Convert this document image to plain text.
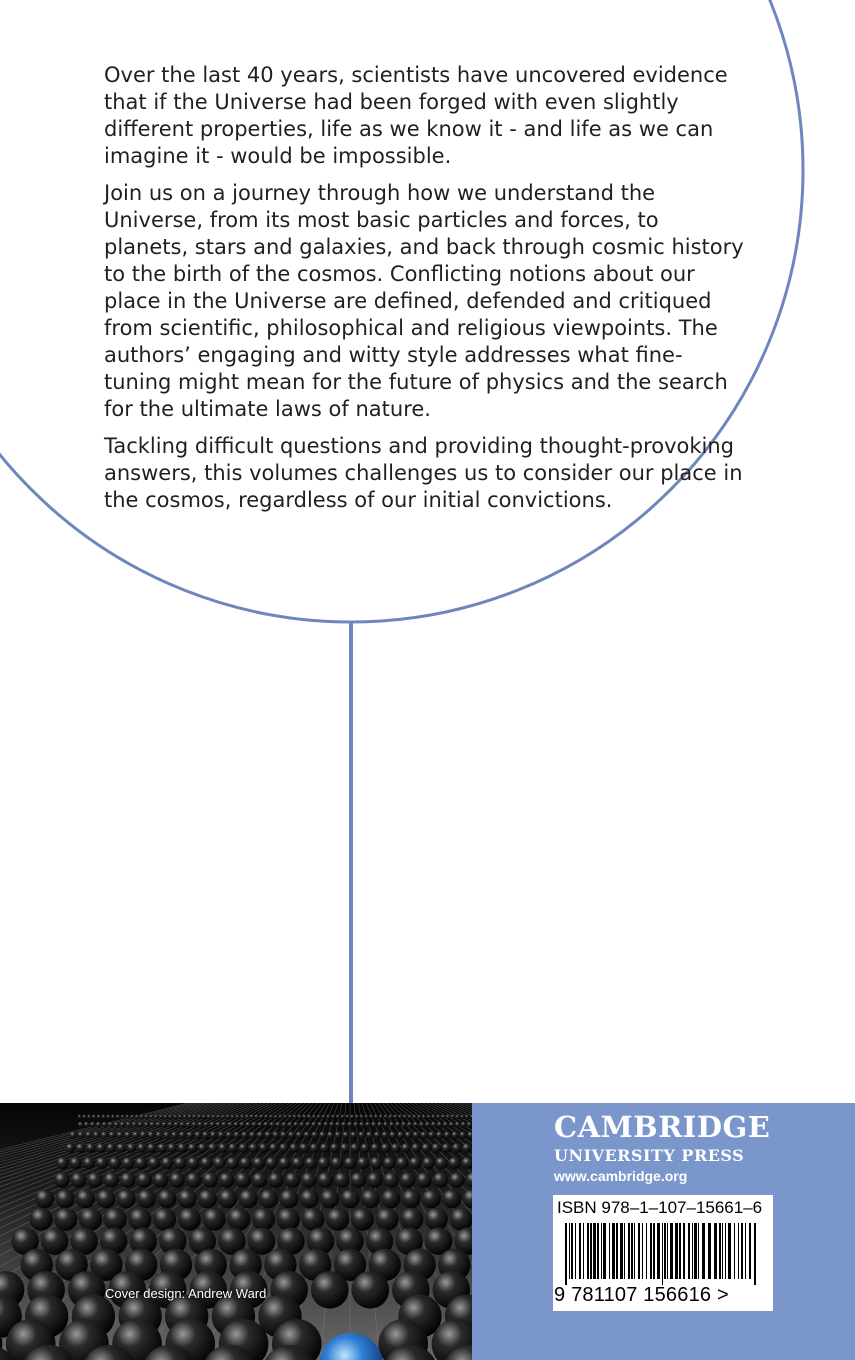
Over the last 40 years, scientists have uncovered evidence that if the Universe had been forged with even slightly different properties, life as we know it - and life as we can imagine it - would be impossible.

Join us on a journey through how we understand the Universe, from its most basic particles and forces, to planets, stars and galaxies, and back through cosmic history to the birth of the cosmos. Conflicting notions about our place in the Universe are defined, defended and critiqued from scientific, philosophical and religious viewpoints. The authors’ engaging and witty style addresses what fine-tuning might mean for the future of physics and the search for the ultimate laws of nature.

Tackling difficult questions and providing thought-provoking answers, this volumes challenges us to consider our place in the cosmos, regardless of our initial convictions.

Cover design: Andrew Ward
CAMBRIDGE
UNIVERSITY PRESS
www.cambridge.org
ISBN 978–1–107–15661–6
9 781107 156616 >
